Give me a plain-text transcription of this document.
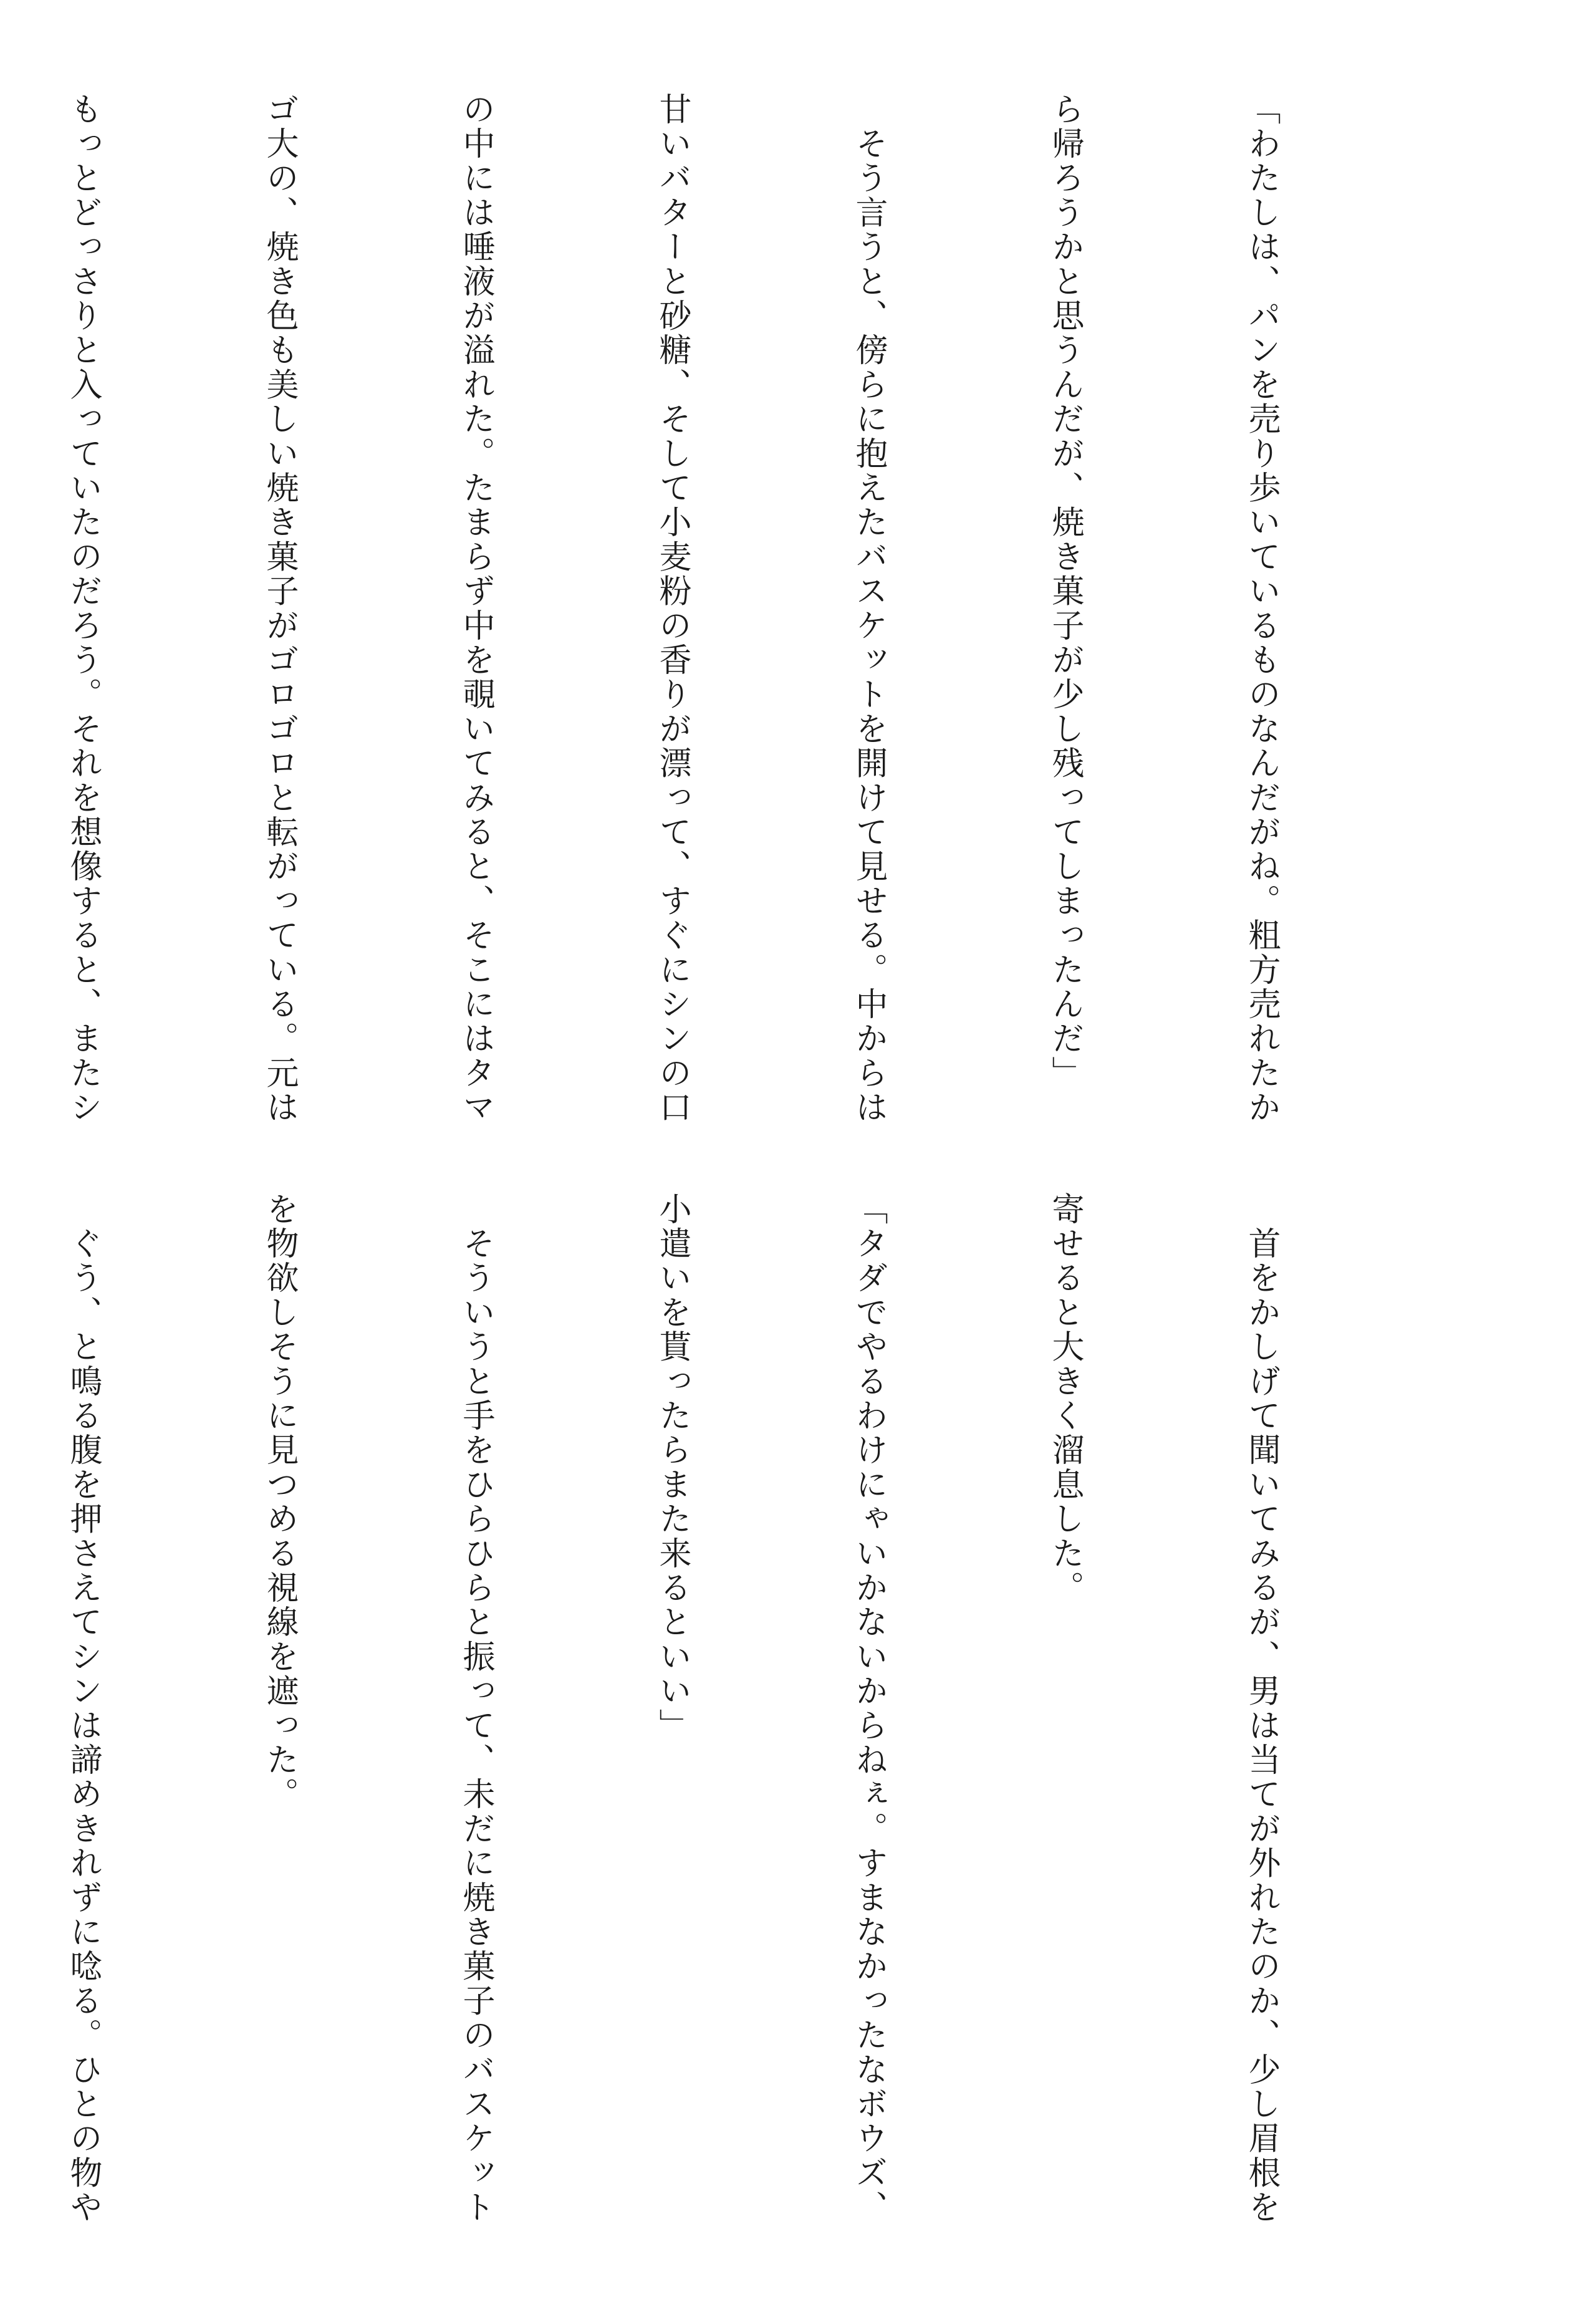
「わたしは、パンを売り歩いているものなんだがね。粗方売れたか

ら帰ろうかと思うんだが、焼き菓子が少し残ってしまったんだ」

　そう言うと、傍らに抱えたバスケットを開けて見せる。中からは

甘いバターと砂糖、そして小麦粉の香りが漂って、すぐにシンの口

の中には唾液が溢れた。たまらず中を覗いてみると、そこにはタマ

ゴ大の、焼き色も美しい焼き菓子がゴロゴロと転がっている。元は

もっとどっさりと入っていたのだろう。それを想像すると、またシ

　首をかしげて聞いてみるが、男は当てが外れたのか、少し眉根を

寄せると大きく溜息した。

「タダでやるわけにゃいかないからねぇ。すまなかったなボウズ、

小遣いを貰ったらまた来るといい」

　そういうと手をひらひらと振って、未だに焼き菓子のバスケット

を物欲しそうに見つめる視線を遮った。

　ぐう、と鳴る腹を押さえてシンは諦めきれずに唸る。ひとの物や
